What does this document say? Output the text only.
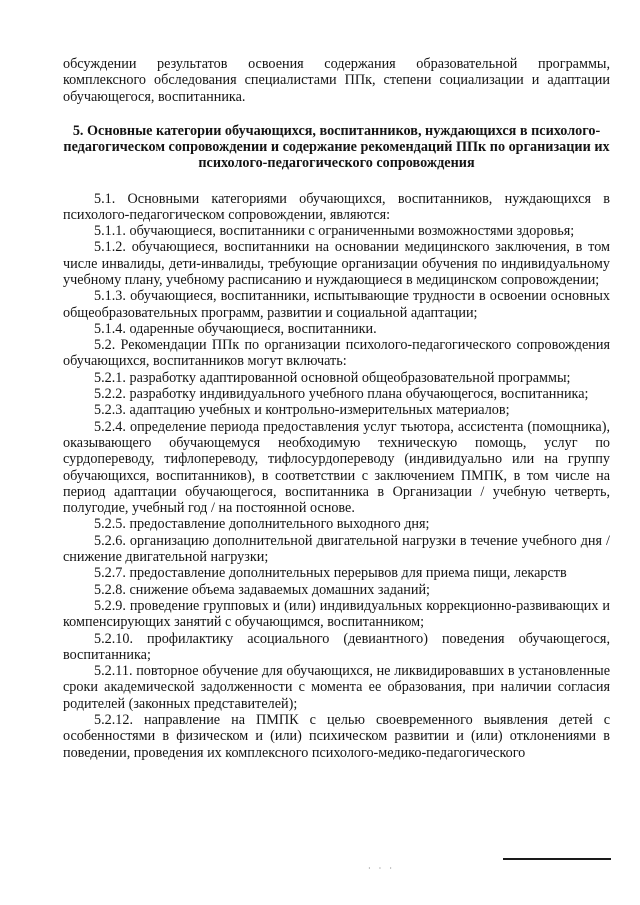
обсуждении результатов освоения содержания образовательной программы, комплексного обследования специалистами ППк, степени социализации и адаптации обучающегося, воспитанника.

5. Основные категории обучающихся, воспитанников, нуждающихся в психолого-педагогическом сопровождении и содержание рекомендаций ППк по организации их психолого-педагогического сопровождения

5.1. Основными категориями обучающихся, воспитанников, нуждающихся в психолого-педагогическом сопровождении, являются:

5.1.1. обучающиеся, воспитанники с ограниченными возможностями здоровья;

5.1.2. обучающиеся, воспитанники на основании медицинского заключения, в том числе инвалиды, дети-инвалиды, требующие организации обучения по индивидуальному учебному плану, учебному расписанию и нуждающиеся в медицинском сопровождении;

5.1.3. обучающиеся, воспитанники, испытывающие трудности в освоении основных общеобразовательных программ, развитии и социальной адаптации;

5.1.4. одаренные обучающиеся, воспитанники.

5.2. Рекомендации ППк по организации психолого-педагогического сопровождения обучающихся, воспитанников могут включать:

5.2.1. разработку адаптированной основной общеобразовательной программы;

5.2.2. разработку индивидуального учебного плана обучающегося, воспитанника;

5.2.3. адаптацию учебных и контрольно-измерительных материалов;

5.2.4. определение периода предоставления услуг тьютора, ассистента (помощника), оказывающего обучающемуся необходимую техническую помощь, услуг по сурдопереводу, тифлопереводу, тифлосурдопереводу (индивидуально или на группу обучающихся, воспитанников), в соответствии с заключением ПМПК, в том числе на период адаптации обучающегося, воспитанника в Организации / учебную четверть, полугодие, учебный год / на постоянной основе.

5.2.5. предоставление дополнительного выходного дня;

5.2.6. организацию дополнительной двигательной нагрузки в течение учебного дня / снижение двигательной нагрузки;

5.2.7. предоставление дополнительных перерывов для приема пищи, лекарств

5.2.8. снижение объема задаваемых домашних заданий;

5.2.9. проведение групповых и (или) индивидуальных коррекционно-развивающих и компенсирующих занятий с обучающимся, воспитанником;

5.2.10. профилактику асоциального (девиантного) поведения обучающегося, воспитанника;

5.2.11. повторное обучение для обучающихся, не ликвидировавших в установленные сроки академической задолженности с момента ее образования, при наличии согласия родителей (законных представителей);

5.2.12. направление на ПМПК с целью своевременного выявления детей с особенностями в физическом и (или) психическом развитии и (или) отклонениями в поведении, проведения их комплексного психолого-медико-педагогического

· · ·
